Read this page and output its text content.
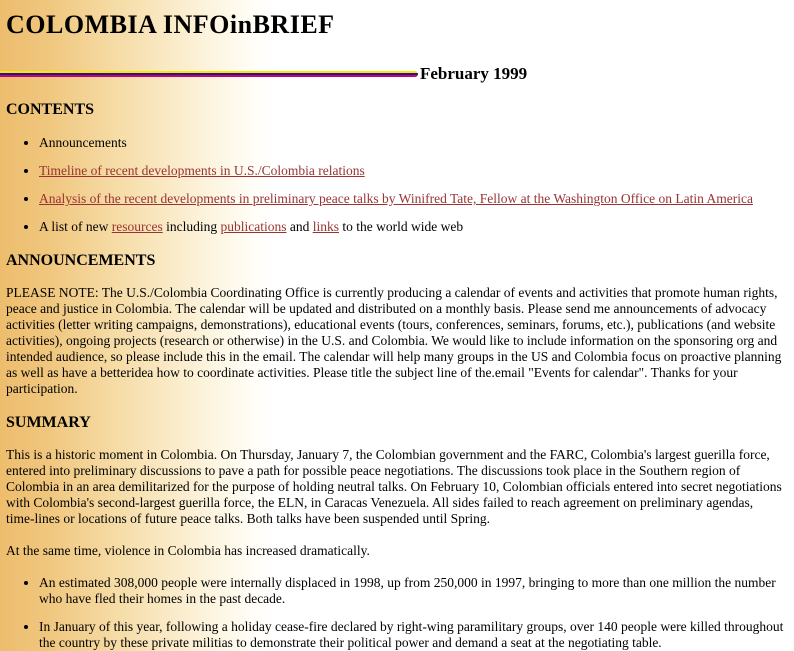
COLOMBIA INFOinBRIEF
February 1999
CONTENTS
• Announcements
• Timeline of recent developments in U.S./Colombia relations
• Analysis of the recent developments in preliminary peace talks by Winifred Tate, Fellow at the Washington Office on Latin America
• A list of new resources including publications and links to the world wide web
ANNOUNCEMENTS

PLEASE NOTE: The U.S./Colombia Coordinating Office is currently producing a calendar of events and activities that promote human rights, peace and justice in Colombia. The calendar will be updated and distributed on a monthly basis. Please send me announcements of advocacy activities (letter writing campaigns, demonstrations), educational events (tours, conferences, seminars, forums, etc.), publications (and website activities), ongoing projects (research or otherwise) in the U.S. and Colombia. We would like to include information on the sponsoring org and intended audience, so please include this in the email. The calendar will help many groups in the US and Colombia focus on proactive planning as well as have a betteridea how to coordinate activities. Please title the subject line of the.email "Events for calendar". Thanks for your participation.

SUMMARY

This is a historic moment in Colombia. On Thursday, January 7, the Colombian government and the FARC, Colombia's largest guerilla force, entered into preliminary discussions to pave a path for possible peace negotiations. The discussions took place in the Southern region of Colombia in an area demilitarized for the purpose of holding neutral talks. On February 10, Colombian officials entered into secret negotiations with Colombia's second-largest guerilla force, the ELN, in Caracas Venezuela. All sides failed to reach agreement on preliminary agendas, time-lines or locations of future peace talks. Both talks have been suspended until Spring.

At the same time, violence in Colombia has increased dramatically.

• An estimated 308,000 people were internally displaced in 1998, up from 250,000 in 1997, bringing to more than one million the number who have fled their homes in the past decade.
• In January of this year, following a holiday cease-fire declared by right-wing paramilitary groups, over 140 people were killed throughout the country by these private militias to demonstrate their political power and demand a seat at the negotiating table.
